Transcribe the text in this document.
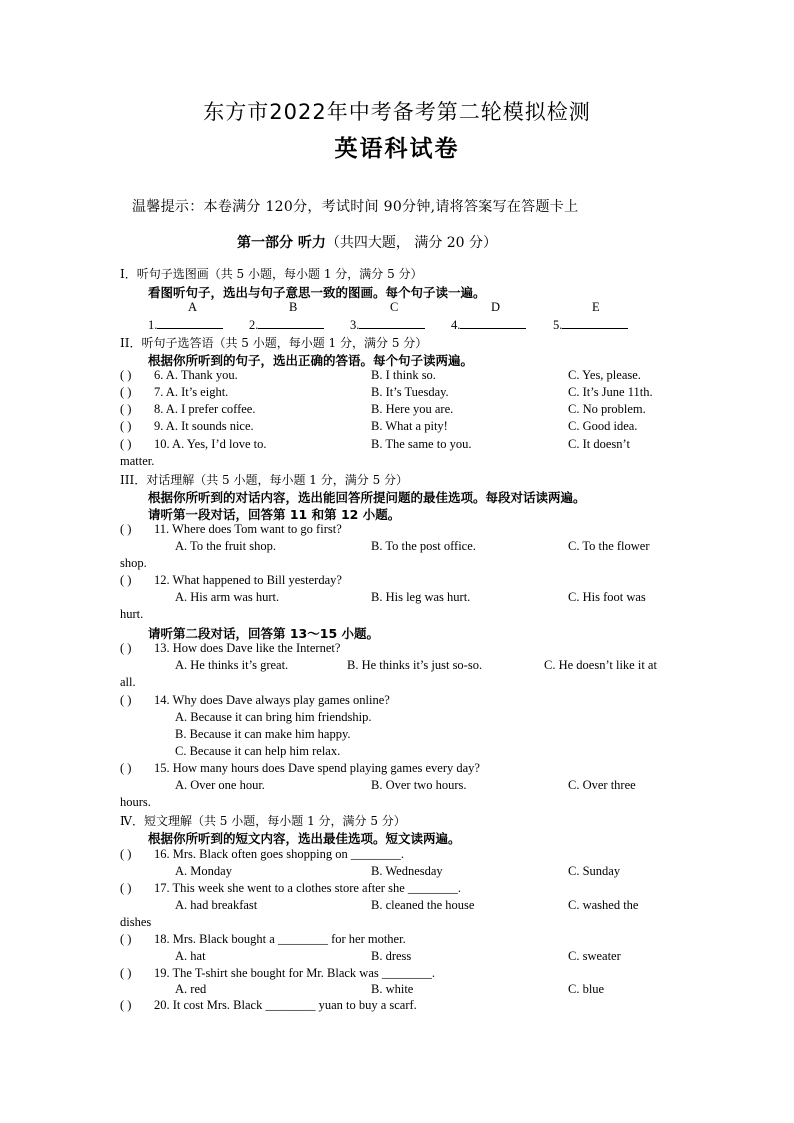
东方市2022年中考备考第二轮模拟检测
英语科试卷
温馨提示：本卷满分 120分，考试时间 90分钟,请将答案写在答题卡上
第一部分 听力（共四大题， 满分 20 分）
Ⅰ．听句子选图画（共 5 小题，每小题 1 分，满分 5 分）
看图听句子，选出与句子意思一致的图画。每个句子读一遍。
A	B	C	D	E
1.	2.	3.	4.	5.
II．听句子选答语（共 5 小题，每小题 1 分，满分 5 分）
根据你所听到的句子，选出正确的答语。每个句子读两遍。
( ) 6. A. Thank you.	B. I think so.	C. Yes, please.
( ) 7. A. It’s eight.	B. It’s Tuesday.	C. It’s June 11th.
( ) 8. A. I prefer coffee.	B. Here you are.	C. No problem.
( ) 9. A. It sounds nice.	B. What a pity!	C. Good idea.
( ) 10. A. Yes, I’d love to.	B. The same to you.	C. It doesn’t
matter.
III．对话理解（共 5 小题，每小题 1 分，满分 5 分）
根据你所听到的对话内容，选出能回答所提问题的最佳选项。每段对话读两遍。
请听第一段对话，回答第 11 和第 12 小题。
( ) 11. Where does Tom want to go first?
A. To the fruit shop.	B. To the post office.	C. To the flower
shop.
( ) 12. What happened to Bill yesterday?
A. His arm was hurt.	B. His leg was hurt.	C. His foot was
hurt.
请听第二段对话，回答第 13～15 小题。
( ) 13. How does Dave like the Internet?
A. He thinks it’s great.	B. He thinks it’s just so-so.	C. He doesn’t like it at
all.
( ) 14. Why does Dave always play games online?
A. Because it can bring him friendship.
B. Because it can make him happy.
C. Because it can help him relax.
( ) 15. How many hours does Dave spend playing games every day?
A. Over one hour.	B. Over two hours.	C. Over three
hours.
Ⅳ．短文理解（共 5 小题，每小题 1 分，满分 5 分）
根据你所听到的短文内容，选出最佳选项。短文读两遍。
( ) 16. Mrs. Black often goes shopping on ________.
A. Monday	B. Wednesday	C. Sunday
( ) 17. This week she went to a clothes store after she ________.
A. had breakfast	B. cleaned the house	C. washed the
dishes
( ) 18. Mrs. Black bought a ________ for her mother.
A. hat	B. dress	C. sweater
( ) 19. The T-shirt she bought for Mr. Black was ________.
A. red	B. white	C. blue
( ) 20. It cost Mrs. Black ________ yuan to buy a scarf.
